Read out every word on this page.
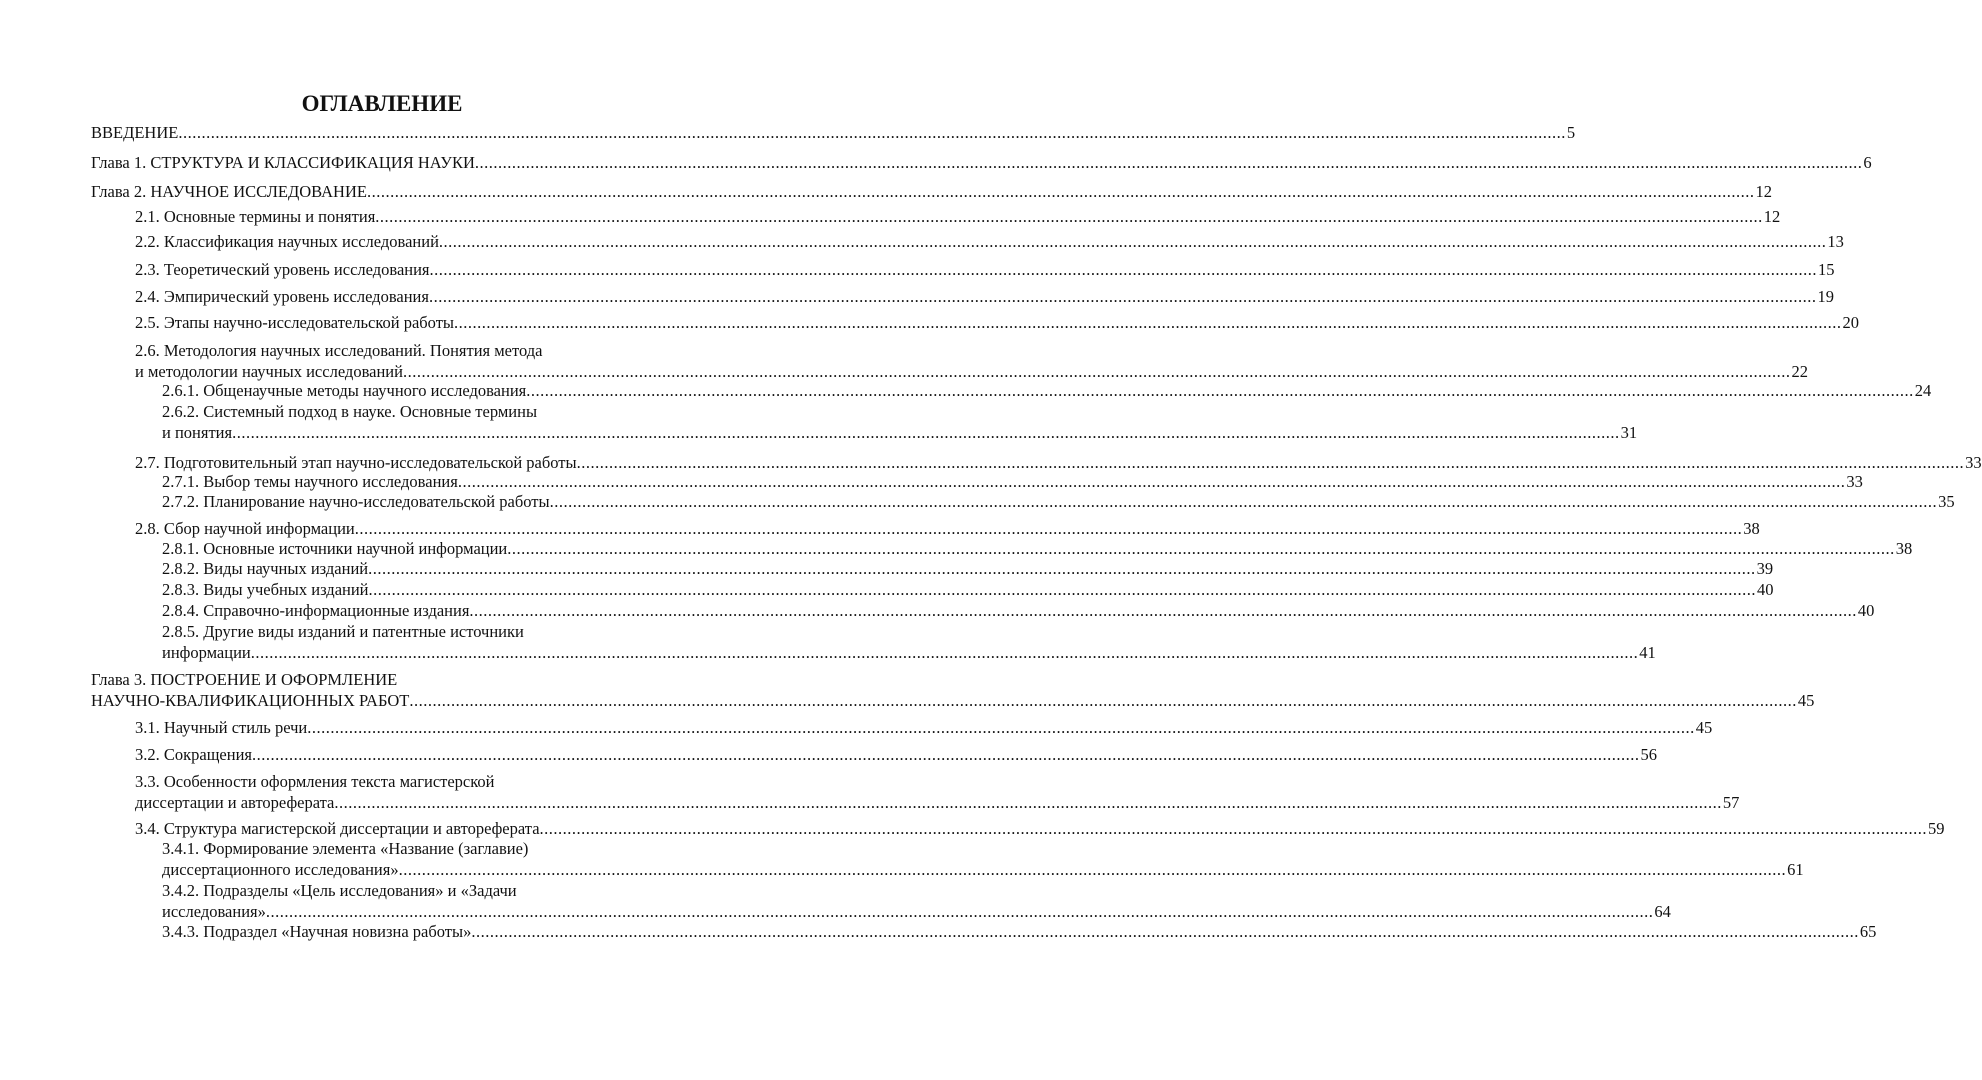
ОГЛАВЛЕНИЕ
ВВЕДЕНИЕ ............................................................................................................................................................................................................................................................................................................ 5
Глава 1. СТРУКТУРА И КЛАССИФИКАЦИЯ НАУКИ ............................................................................................................................................................................................................................................................................................................ 6
Глава 2. НАУЧНОЕ ИССЛЕДОВАНИЕ ............................................................................................................................................................................................................................................................................................................ 12
2.1. Основные термины и понятия ............................................................................................................................................................................................................................................................................................................ 12
2.2. Классификация научных исследований ............................................................................................................................................................................................................................................................................................................ 13
2.3. Теоретический уровень исследования ............................................................................................................................................................................................................................................................................................................ 15
2.4. Эмпирический уровень исследования ............................................................................................................................................................................................................................................................................................................ 19
2.5. Этапы научно-исследовательской работы ............................................................................................................................................................................................................................................................................................................ 20
2.6. Методология научных исследований. Понятия метода
и методологии научных исследований ............................................................................................................................................................................................................................................................................................................ 22
2.6.1. Общенаучные методы научного исследования ............................................................................................................................................................................................................................................................................................................ 24
2.6.2. Системный подход в науке. Основные термины
и понятия ............................................................................................................................................................................................................................................................................................................ 31
2.7. Подготовительный этап научно-исследовательской работы ............................................................................................................................................................................................................................................................................................................ 33
2.7.1. Выбор темы научного исследования ............................................................................................................................................................................................................................................................................................................ 33
2.7.2. Планирование научно-исследовательской работы ............................................................................................................................................................................................................................................................................................................ 35
2.8. Сбор научной информации ............................................................................................................................................................................................................................................................................................................ 38
2.8.1. Основные источники научной информации ............................................................................................................................................................................................................................................................................................................ 38
2.8.2. Виды научных изданий ............................................................................................................................................................................................................................................................................................................ 39
2.8.3. Виды учебных изданий ............................................................................................................................................................................................................................................................................................................ 40
2.8.4. Справочно-информационные издания ............................................................................................................................................................................................................................................................................................................ 40
2.8.5. Другие виды изданий и патентные источники
информации ............................................................................................................................................................................................................................................................................................................ 41
Глава 3. ПОСТРОЕНИЕ И ОФОРМЛЕНИЕ
НАУЧНО-КВАЛИФИКАЦИОННЫХ РАБОТ ............................................................................................................................................................................................................................................................................................................ 45
3.1. Научный стиль речи ............................................................................................................................................................................................................................................................................................................ 45
3.2. Сокращения ............................................................................................................................................................................................................................................................................................................ 56
3.3. Особенности оформления текста магистерской
диссертации и автореферата ............................................................................................................................................................................................................................................................................................................ 57
3.4. Структура магистерской диссертации и автореферата ............................................................................................................................................................................................................................................................................................................ 59
3.4.1. Формирование элемента «Название (заглавие)
диссертационного исследования» ............................................................................................................................................................................................................................................................................................................ 61
3.4.2. Подразделы «Цель исследования» и «Задачи
исследования» ............................................................................................................................................................................................................................................................................................................ 64
3.4.3. Подраздел «Научная новизна работы» ............................................................................................................................................................................................................................................................................................................ 65
